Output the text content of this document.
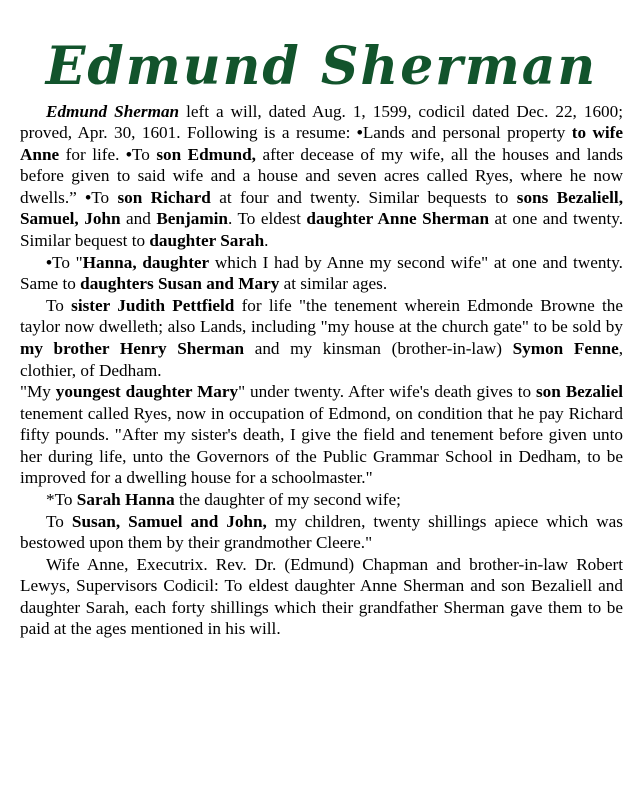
Edmund Sherman
Edmund Sherman left a will, dated Aug. 1, 1599, codicil dated Dec. 22, 1600; proved, Apr. 30, 1601. Following is a resume: •Lands and personal property to wife Anne for life. •To son Edmund, after decease of my wife, all the houses and lands before given to said wife and a house and seven acres called Ryes, where he now dwells.” •To son Richard at four and twenty. Similar bequests to sons Bezaliell, Samuel, John and Benjamin. To eldest daughter Anne Sherman at one and twenty. Similar bequest to daughter Sarah.
•To "Hanna, daughter which I had by Anne my second wife" at one and twenty. Same to daughters Susan and Mary at similar ages.
To sister Judith Pettfield for life "the tenement wherein Edmonde Browne the taylor now dwelleth; also Lands, including "my house at the church gate" to be sold by my brother Henry Sherman and my kinsman (brother-in-law) Symon Fenne, clothier, of Dedham.
"My youngest daughter Mary" under twenty. After wife's death gives to son Bezaliel tenement called Ryes, now in occupation of Edmond, on condition that he pay Richard fifty pounds. "After my sister's death, I give the field and tenement before given unto her during life, unto the Governors of the Public Grammar School in Dedham, to be improved for a dwelling house for a schoolmaster."
*To Sarah Hanna the daughter of my second wife;
To Susan, Samuel and John, my children, twenty shillings apiece which was bestowed upon them by their grandmother Cleere."
Wife Anne, Executrix. Rev. Dr. (Edmund) Chapman and brother-in-law Robert Lewys, Supervisors Codicil: To eldest daughter Anne Sherman and son Bezaliell and daughter Sarah, each forty shillings which their grandfather Sherman gave them to be paid at the ages mentioned in his will.
